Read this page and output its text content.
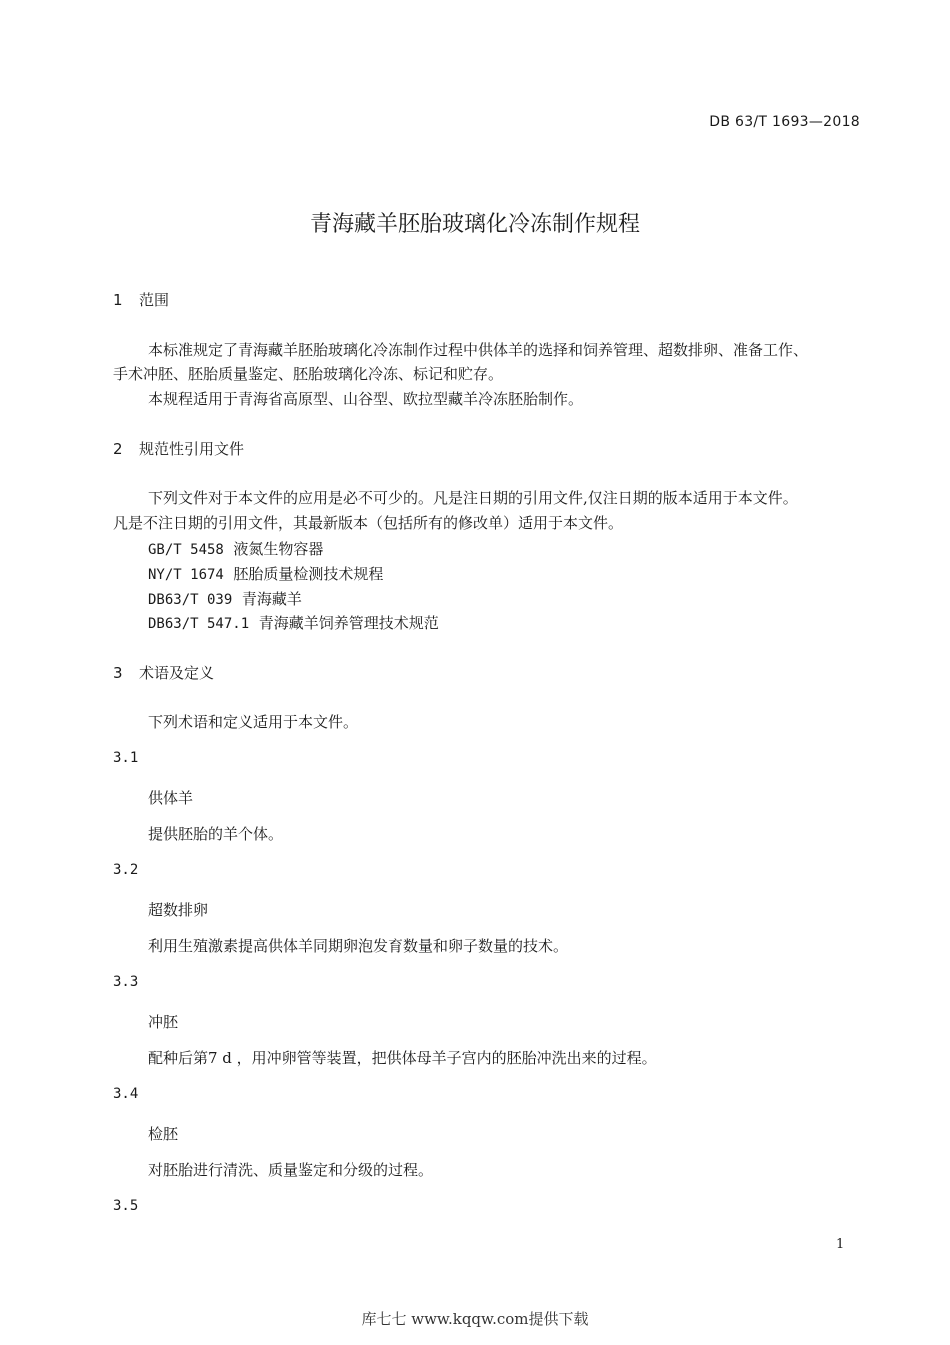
DB 63/T 1693—2018
青海藏羊胚胎玻璃化冷冻制作规程
1 范围
本标准规定了青海藏羊胚胎玻璃化冷冻制作过程中供体羊的选择和饲养管理、超数排卵、准备工作、
手术冲胚、胚胎质量鉴定、胚胎玻璃化冷冻、标记和贮存。
本规程适用于青海省高原型、山谷型、欧拉型藏羊冷冻胚胎制作。
2 规范性引用文件
下列文件对于本文件的应用是必不可少的。凡是注日期的引用文件,仅注日期的版本适用于本文件。
凡是不注日期的引用文件，其最新版本（包括所有的修改单）适用于本文件。
GB/T 5458 液氮生物容器
NY/T 1674 胚胎质量检测技术规程
DB63/T 039 青海藏羊
DB63/T 547.1 青海藏羊饲养管理技术规范
3 术语及定义
下列术语和定义适用于本文件。
3.1
供体羊
提供胚胎的羊个体。
3.2
超数排卵
利用生殖激素提高供体羊同期卵泡发育数量和卵子数量的技术。
3.3
冲胚
配种后第7 d ，用冲卵管等装置，把供体母羊子宫内的胚胎冲洗出来的过程。
3.4
检胚
对胚胎进行清洗、质量鉴定和分级的过程。
3.5
1
库七七 www.kqqw.com提供下载
